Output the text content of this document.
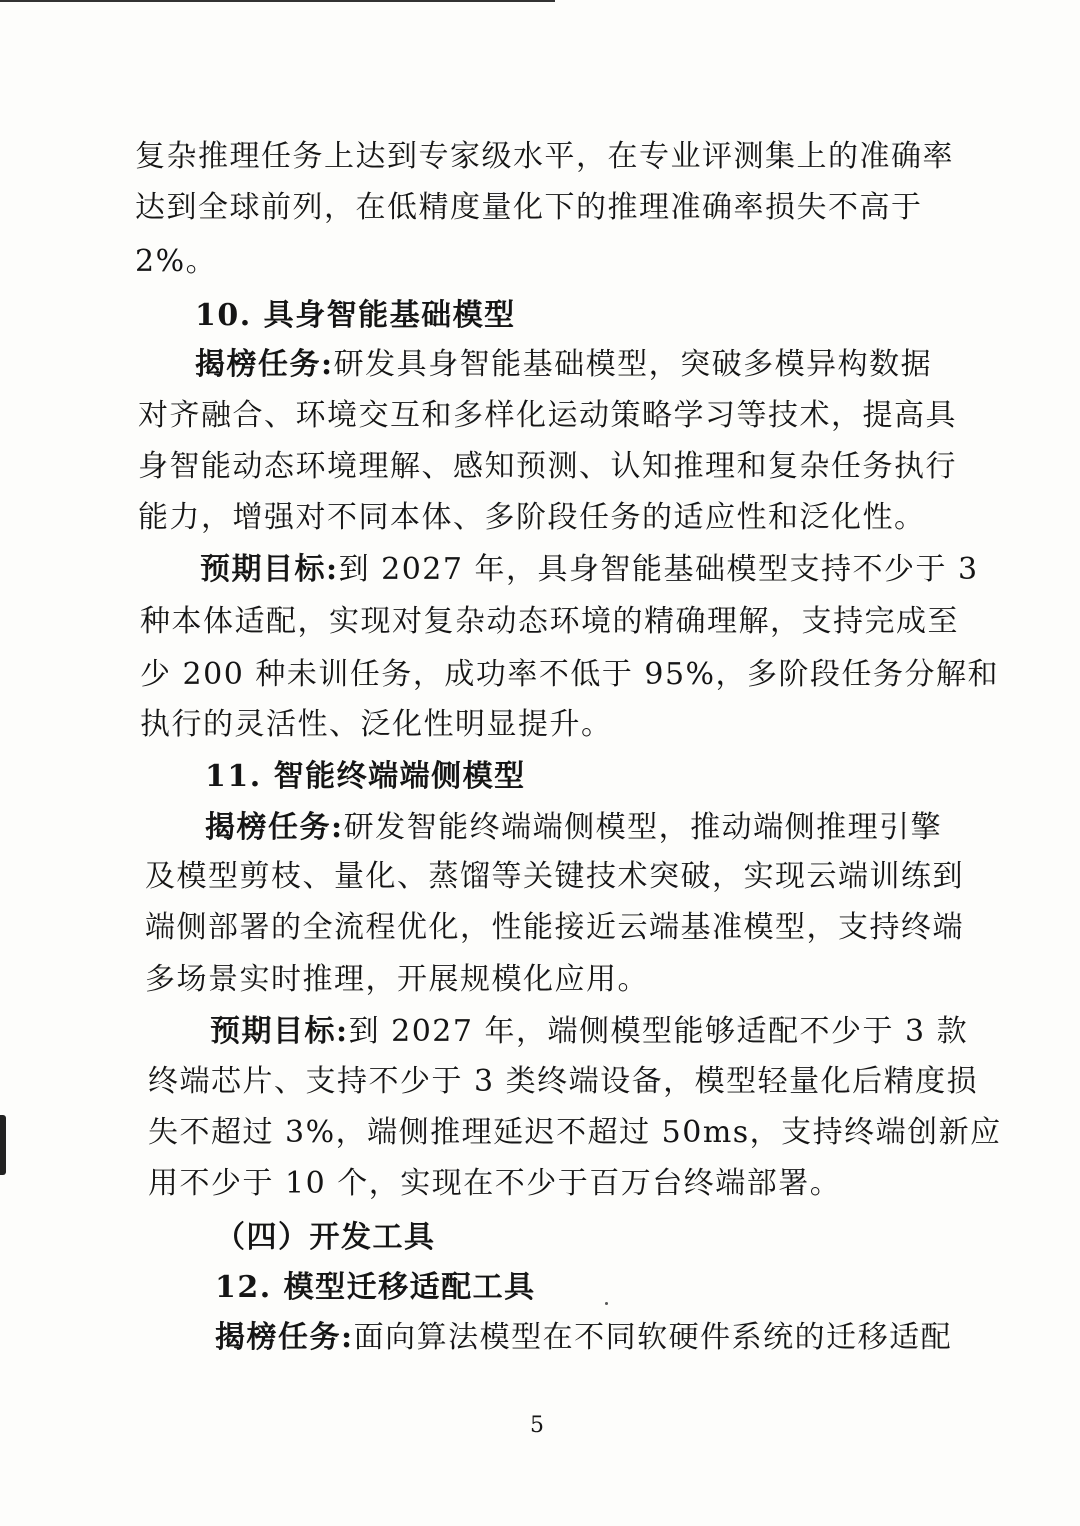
复杂推理任务上达到专家级水平，在专业评测集上的准确率
达到全球前列，在低精度量化下的推理准确率损失不高于
2%。
10. 具身智能基础模型
揭榜任务:研发具身智能基础模型，突破多模异构数据
对齐融合、环境交互和多样化运动策略学习等技术，提高具
身智能动态环境理解、感知预测、认知推理和复杂任务执行
能力，增强对不同本体、多阶段任务的适应性和泛化性。
预期目标:到 2027 年，具身智能基础模型支持不少于 3
种本体适配，实现对复杂动态环境的精确理解，支持完成至
少 200 种未训任务，成功率不低于 95%，多阶段任务分解和
执行的灵活性、泛化性明显提升。
11. 智能终端端侧模型
揭榜任务:研发智能终端端侧模型，推动端侧推理引擎
及模型剪枝、量化、蒸馏等关键技术突破，实现云端训练到
端侧部署的全流程优化，性能接近云端基准模型，支持终端
多场景实时推理，开展规模化应用。
预期目标:到 2027 年，端侧模型能够适配不少于 3 款
终端芯片、支持不少于 3 类终端设备，模型轻量化后精度损
失不超过 3%，端侧推理延迟不超过 50ms，支持终端创新应
用不少于 10 个，实现在不少于百万台终端部署。
（四）开发工具
12. 模型迁移适配工具
揭榜任务:面向算法模型在不同软硬件系统的迁移适配
5
